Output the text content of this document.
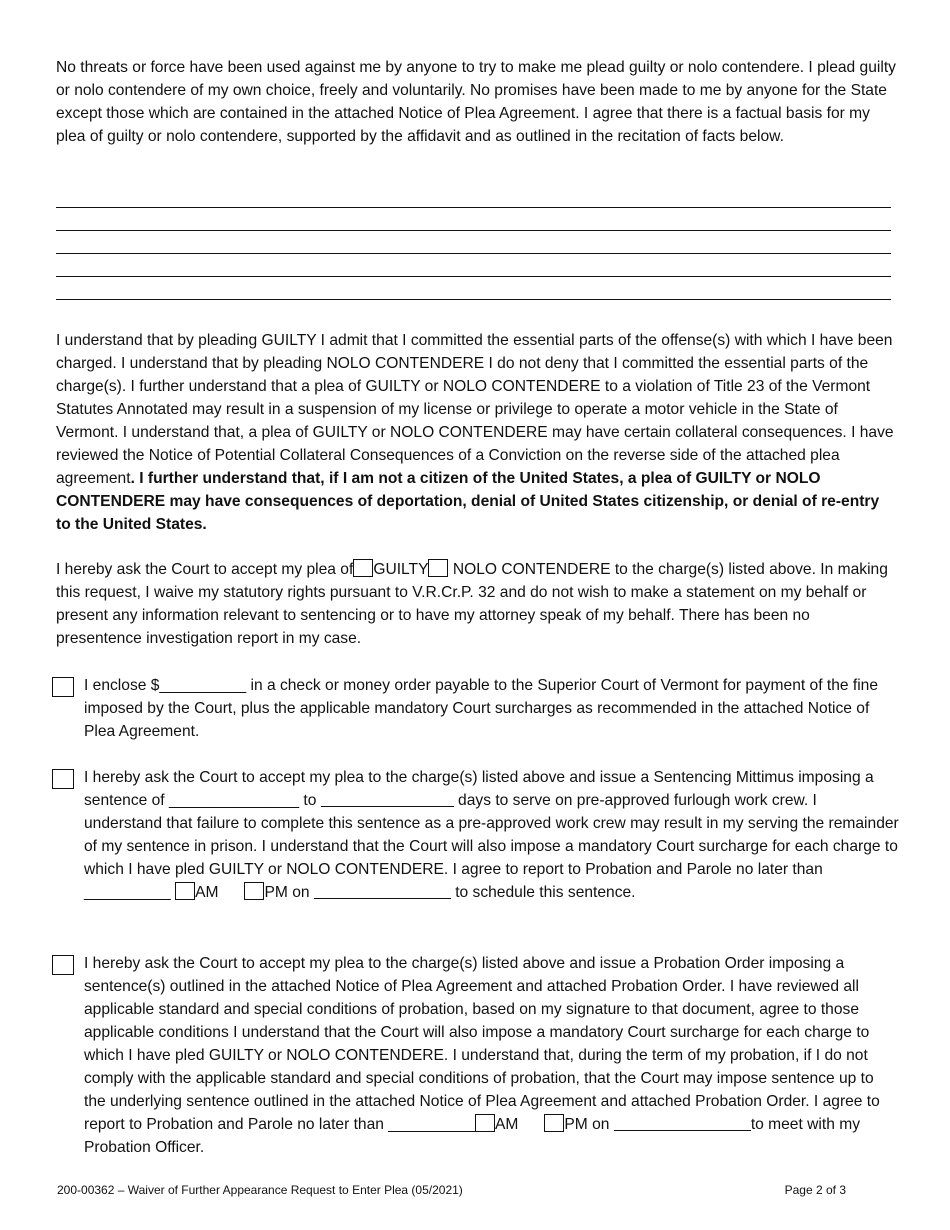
No threats or force have been used against me by anyone to try to make me plead guilty or nolo contendere. I plead guilty or nolo contendere of my own choice, freely and voluntarily. No promises have been made to me by anyone for the State except those which are contained in the attached Notice of Plea Agreement. I agree that there is a factual basis for my plea of guilty or nolo contendere, supported by the affidavit and as outlined in the recitation of facts below.

I understand that by pleading GUILTY I admit that I committed the essential parts of the offense(s) with which I have been charged. I understand that by pleading NOLO CONTENDERE I do not deny that I committed the essential parts of the charge(s). I further understand that a plea of GUILTY or NOLO CONTENDERE to a violation of Title 23 of the Vermont Statutes Annotated may result in a suspension of my license or privilege to operate a motor vehicle in the State of Vermont. I understand that, a plea of GUILTY or NOLO CONTENDERE may have certain collateral consequences. I have reviewed the Notice of Potential Collateral Consequences of a Conviction on the reverse side of the attached plea agreement. I further understand that, if I am not a citizen of the United States, a plea of GUILTY or NOLO CONTENDERE may have consequences of deportation, denial of United States citizenship, or denial of re-entry to the United States.

I hereby ask the Court to accept my plea of GUILTY NOLO CONTENDERE to the charge(s) listed above. In making this request, I waive my statutory rights pursuant to V.R.Cr.P. 32 and do not wish to make a statement on my behalf or present any information relevant to sentencing or to have my attorney speak of my behalf. There has been no presentence investigation report in my case.

I enclose $__________ in a check or money order payable to the Superior Court of Vermont for payment of the fine imposed by the Court, plus the applicable mandatory Court surcharges as recommended in the attached Notice of Plea Agreement.

I hereby ask the Court to accept my plea to the charge(s) listed above and issue a Sentencing Mittimus imposing a sentence of _______________ to	days to serve on pre-approved furlough work crew. I understand that failure to complete this sentence as a pre-approved work crew may result in my serving the remainder of my sentence in prison. I understand that the Court will also impose a mandatory Court surcharge for each charge to which I have pled GUILTY or NOLO CONTENDERE. I agree to report to Probation and Parole no later than __________ AM	PM on	to schedule this sentence.

I hereby ask the Court to accept my plea to the charge(s) listed above and issue a Probation Order imposing a sentence(s) outlined in the attached Notice of Plea Agreement and attached Probation Order. I have reviewed all applicable standard and special conditions of probation, based on my signature to that document, agree to those applicable conditions I understand that the Court will also impose a mandatory Court surcharge for each charge to which I have pled GUILTY or NOLO CONTENDERE. I understand that, during the term of my probation, if I do not comply with the applicable standard and special conditions of probation, that the Court may impose sentence up to the underlying sentence outlined in the attached Notice of Plea Agreement and attached Probation Order. I agree to report to Probation and Parole no later than __________ AM	PM on	to meet with my Probation Officer.

200-00362 – Waiver of Further Appearance Request to Enter Plea (05/2021)	Page 2 of 3
